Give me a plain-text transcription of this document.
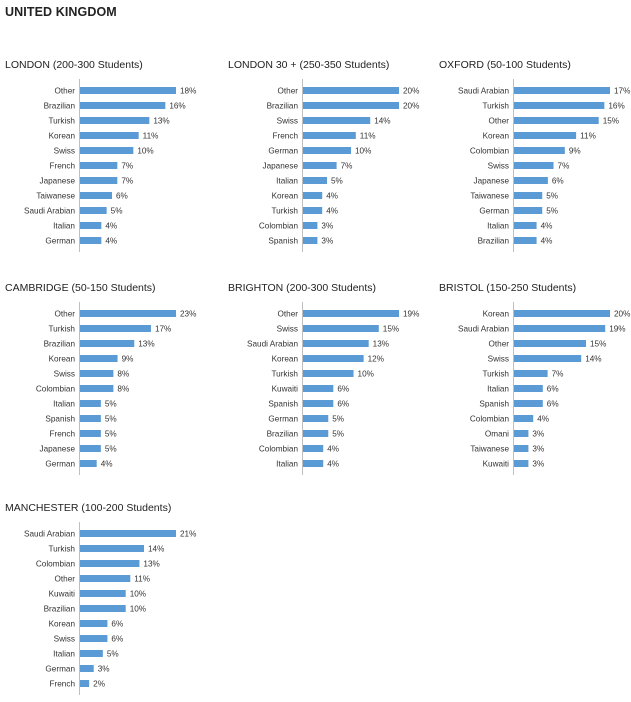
UNITED KINGDOM
LONDON (200-300 Students)
Other	18%
Brazilian	16%
Turkish	13%
Korean	11%
Swiss	10%
French	7%
Japanese	7%
Taiwanese	6%
Saudi Arabian	5%
Italian	4%
German	4%
LONDON 30 + (250-350 Students)
Other	20%
Brazilian	20%
Swiss	14%
French	11%
German	10%
Japanese	7%
Italian	5%
Korean	4%
Turkish	4%
Colombian	3%
Spanish	3%
OXFORD (50-100 Students)
Saudi Arabian	17%
Turkish	16%
Other	15%
Korean	11%
Colombian	9%
Swiss	7%
Japanese	6%
Taiwanese	5%
German	5%
Italian	4%
Brazilian	4%
CAMBRIDGE (50-150 Students)
Other	23%
Turkish	17%
Brazilian	13%
Korean	9%
Swiss	8%
Colombian	8%
Italian	5%
Spanish	5%
French	5%
Japanese	5%
German	4%
BRIGHTON (200-300 Students)
Other	19%
Swiss	15%
Saudi Arabian	13%
Korean	12%
Turkish	10%
Kuwaiti	6%
Spanish	6%
German	5%
Brazilian	5%
Colombian	4%
Italian	4%
BRISTOL (150-250 Students)
Korean	20%
Saudi Arabian	19%
Other	15%
Swiss	14%
Turkish	7%
Italian	6%
Spanish	6%
Colombian	4%
Omani	3%
Taiwanese	3%
Kuwaiti	3%
MANCHESTER (100-200 Students)
Saudi Arabian	21%
Turkish	14%
Colombian	13%
Other	11%
Kuwaiti	10%
Brazilian	10%
Korean	6%
Swiss	6%
Italian	5%
German	3%
French 2%
